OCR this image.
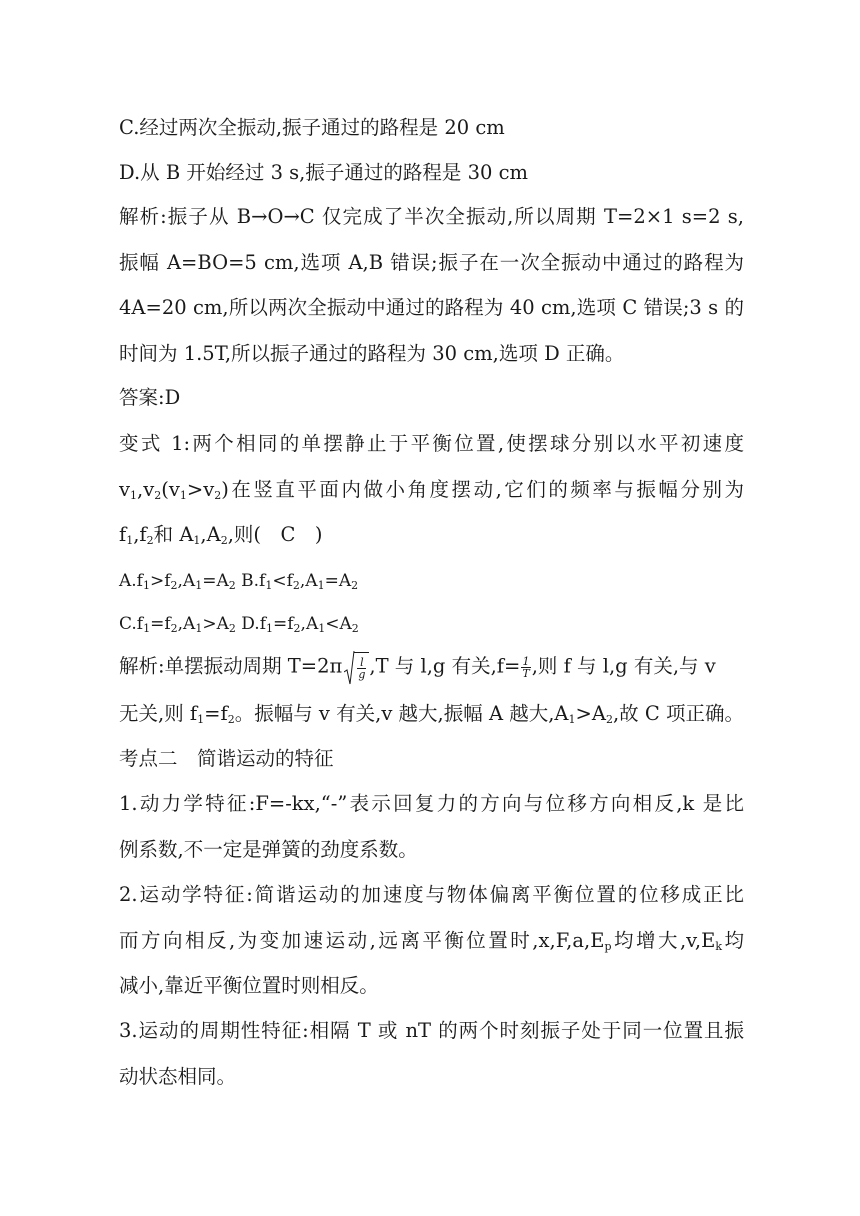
C.经过两次全振动,振子通过的路程是 20 cm
D.从 B 开始经过 3 s,振子通过的路程是 30 cm
解析:振子从 B→O→C 仅完成了半次全振动,所以周期 T=2×1 s=2 s,
振幅 A=BO=5 cm,选项 A,B 错误;振子在一次全振动中通过的路程为
4A=20 cm,所以两次全振动中通过的路程为 40 cm,选项 C 错误;3 s 的
时间为 1.5T,所以振子通过的路程为 30 cm,选项 D 正确。
答案:D
变式 1:两个相同的单摆静止于平衡位置,使摆球分别以水平初速度
$v_1,v_2(v_1>v_2)$在竖直平面内做小角度摆动,它们的频率与振幅分别为
$f_1,f_2$和 $A_1,A_2$,则(　C　)
$A.f_1>f_2,A_1=A_2$ $B.f_1<f_2,A_1=A_2$
$C.f_1=f_2,A_1>A_2$ $D.f_1=f_2,A_1<A_2$
解析:单摆振动周期 $T=2\pi \frac{l}{g} ,T$ 与 l,g 有关$,f= \frac{1}{T}$ ,则 f 与 l,g 有关,与 v
无关,则 $f_1=f_2$。振幅与 v 有关,v 越大,振幅 A 越大$,A_1>A_2$,故 C 项正确。
考点二　简谐运动的特征
1.动力学特征:F=-kx,“-”表示回复力的方向与位移方向相反,k 是比
例系数,不一定是弹簧的劲度系数。
2.运动学特征:简谐运动的加速度与物体偏离平衡位置的位移成正比
而方向相反,为变加速运动,远离平衡位置时$,x,F,a,E_p$均增大$,v,E_k$均
减小,靠近平衡位置时则相反。
3.运动的周期性特征:相隔 T 或 nT 的两个时刻振子处于同一位置且振
动状态相同。
